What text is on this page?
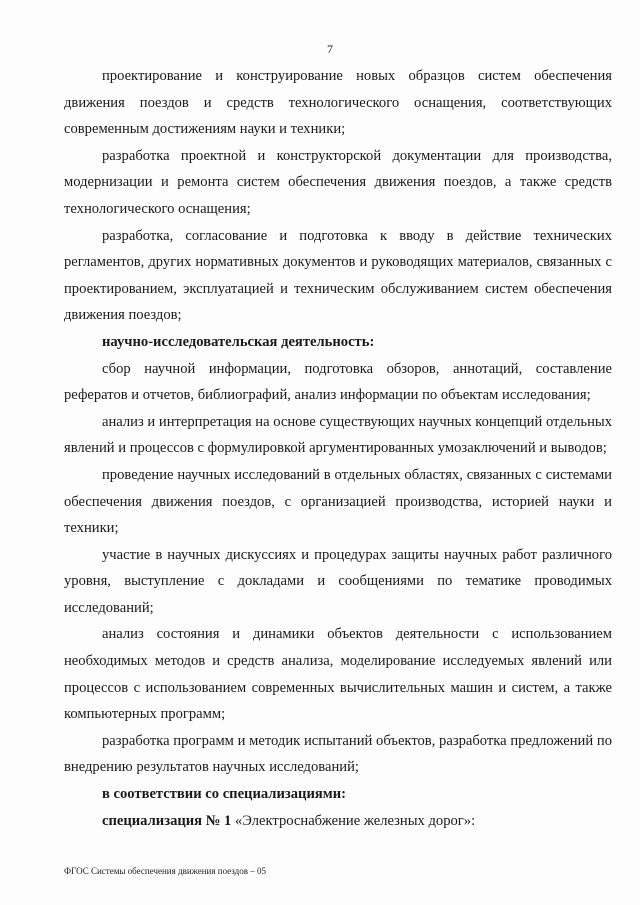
7

проектирование и конструирование новых образцов систем обеспечения движения поездов и средств технологического оснащения, соответствующих современным достижениям науки и техники;

разработка проектной и конструкторской документации для производства, модернизации и ремонта систем обеспечения движения поездов, а также средств технологического оснащения;

разработка, согласование и подготовка к вводу в действие технических регламентов, других нормативных документов и руководящих материалов, связанных с проектированием, эксплуатацией и техническим обслуживанием систем обеспечения движения поездов;

научно-исследовательская деятельность:

сбор научной информации, подготовка обзоров, аннотаций, составление рефератов и отчетов, библиографий, анализ информации по объектам исследования;

анализ и интерпретация на основе существующих научных концепций отдельных явлений и процессов с формулировкой аргументированных умозаключений и выводов;

проведение научных исследований в отдельных областях, связанных с системами обеспечения движения поездов, с организацией производства, историей науки и техники;

участие в научных дискуссиях и процедурах защиты научных работ различного уровня, выступление с докладами и сообщениями по тематике проводимых исследований;

анализ состояния и динамики объектов деятельности с использованием необходимых методов и средств анализа, моделирование исследуемых явлений или процессов с использованием современных вычислительных машин и систем, а также компьютерных программ;

разработка программ и методик испытаний объектов, разработка предложений по внедрению результатов научных исследований;

в соответствии со специализациями:

специализация № 1 «Электроснабжение железных дорог»:

ФГОС Системы обеспечения движения поездов – 05
